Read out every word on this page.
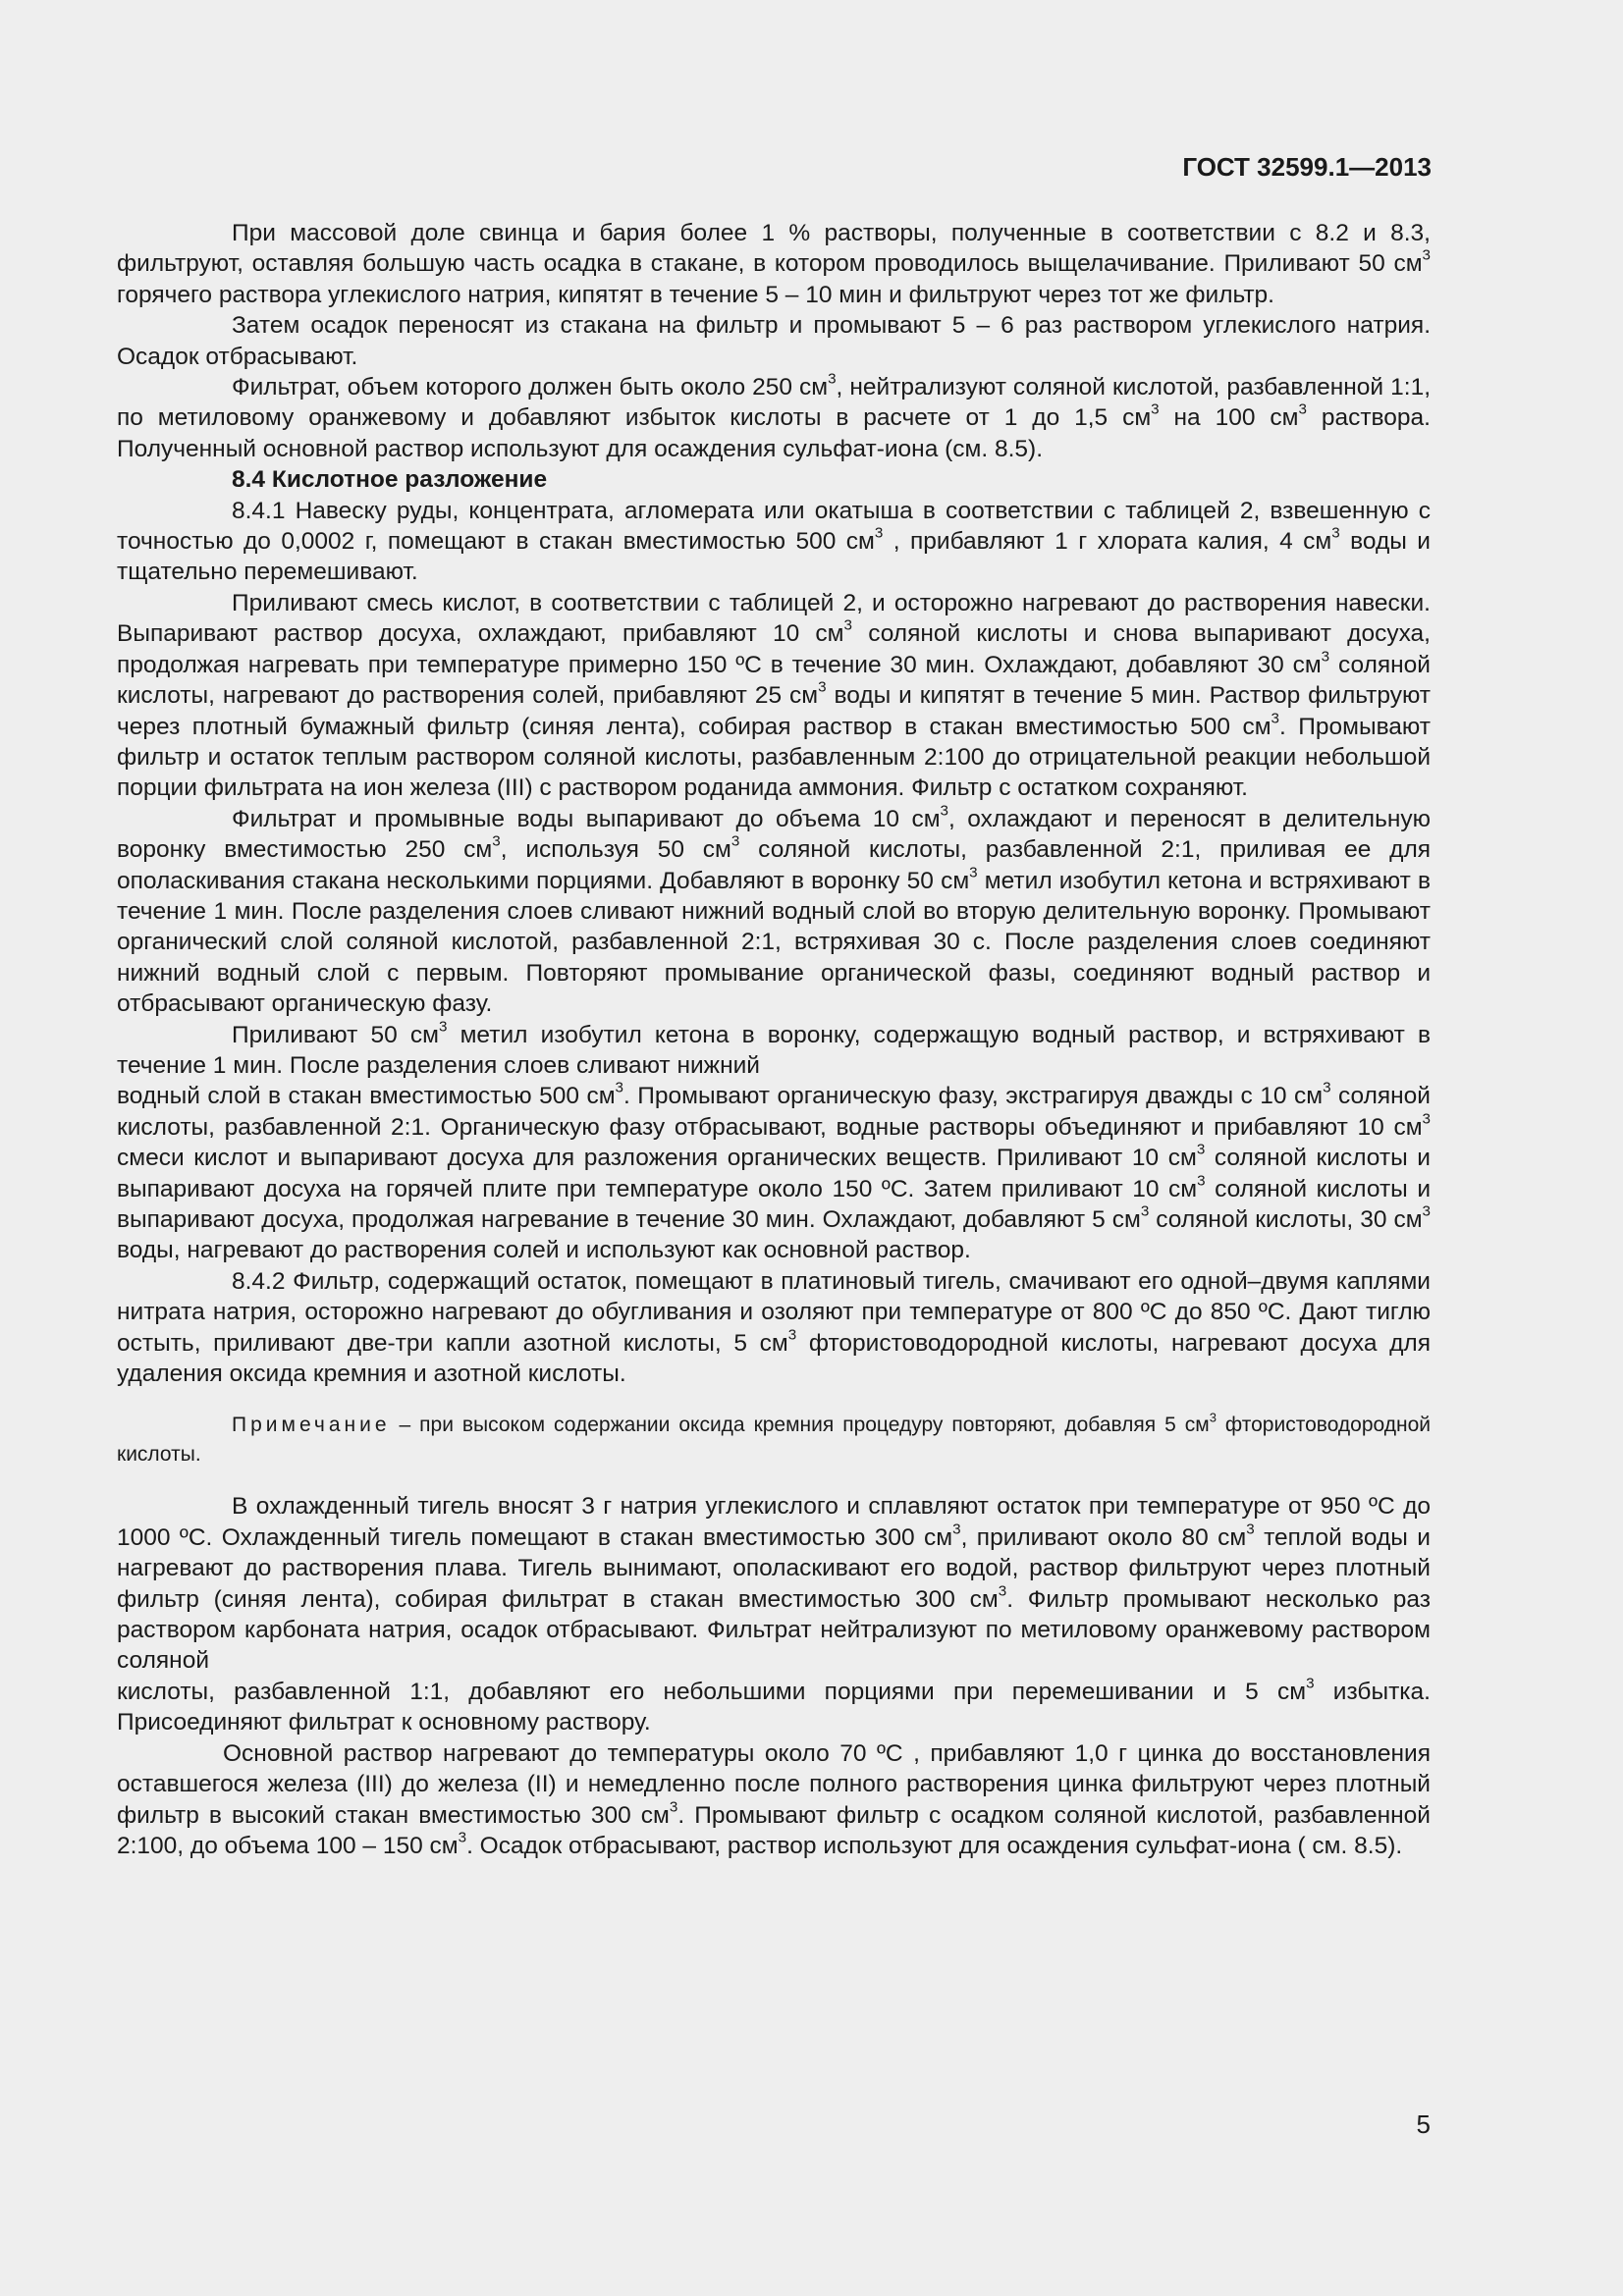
ГОСТ 32599.1—2013

При массовой доле свинца и бария более 1 % растворы, полученные в соответствии с 8.2 и 8.3, фильтруют, оставляя большую часть осадка в стакане, в котором проводилось выщелачивание. Приливают 50 $см^3$ горячего раствора углекислого натрия, кипятят в течение 5 – 10 мин и фильтруют через тот же фильтр.

Затем осадок переносят из стакана на фильтр и промывают 5 – 6 раз раствором углекислого натрия. Осадок отбрасывают.

Фильтрат, объем которого должен быть около 250 $см^3$, нейтрализуют соляной кислотой, разбавленной 1:1, по метиловому оранжевому и добавляют избыток кислоты в расчете от 1 до 1,5 $см^3$ на 100 $см^3$ раствора. Полученный основной раствор используют для осаждения сульфат-иона (см. 8.5).

8.4 Кислотное разложение

8.4.1 Навеску руды, концентрата, агломерата или окатыша в соответствии с таблицей 2, взвешенную с точностью до 0,0002 г, помещают в стакан вместимостью 500 $см^3$ , прибавляют 1 г хлората калия, 4 $см^3$ воды и тщательно перемешивают.

Приливают смесь кислот, в соответствии с таблицей 2, и осторожно нагревают до растворения навески. Выпаривают раствор досуха, охлаждают, прибавляют 10 $см^3$ соляной кислоты и снова выпаривают досуха, продолжая нагревать при температуре примерно 150 ºС в течение 30 мин. Охлаждают, добавляют 30 $см^3$ соляной кислоты, нагревают до растворения солей, прибавляют 25 $см^3$ воды и кипятят в течение 5 мин. Раствор фильтруют через плотный бумажный фильтр (синяя лента), собирая раствор в стакан вместимостью 500 $см^3$. Промывают фильтр и остаток теплым раствором соляной кислоты, разбавленным 2:100 до отрицательной реакции небольшой порции фильтрата на ион железа (III) с раствором роданида аммония. Фильтр с остатком сохраняют.

Фильтрат и промывные воды выпаривают до объема 10 $см^3$, охлаждают и переносят в делительную воронку вместимостью 250 $см^3$, используя 50 $см^3$ соляной кислоты, разбавленной 2:1, приливая ее для ополаскивания стакана несколькими порциями. Добавляют в воронку 50 $см^3$ метил изобутил кетона и встряхивают в течение 1 мин. После разделения слоев сливают нижний водный слой во вторую делительную воронку. Промывают органический слой соляной кислотой, разбавленной 2:1, встряхивая 30 с. После разделения слоев соединяют нижний водный слой с первым. Повторяют промывание органической фазы, соединяют водный раствор и отбрасывают органическую фазу.

Приливают 50 $см^3$ метил изобутил кетона в воронку, содержащую водный раствор, и встряхивают в течение 1 мин. После разделения слоев сливают нижний

водный слой в стакан вместимостью 500 $см^3$. Промывают органическую фазу, экстрагируя дважды с 10 $см^3$ соляной кислоты, разбавленной 2:1. Органическую фазу отбрасывают, водные растворы объединяют и прибавляют 10 $см^3$ смеси кислот и выпаривают досуха для разложения органических веществ. Приливают 10 $см^3$ соляной кислоты и выпаривают досуха на горячей плите при температуре около 150 ºС. Затем приливают 10 $см^3$ соляной кислоты и выпаривают досуха, продолжая нагревание в течение 30 мин. Охлаждают, добавляют 5 $см^3$ соляной кислоты, 30 $см^3$ воды, нагревают до растворения солей и используют как основной раствор.

8.4.2 Фильтр, содержащий остаток, помещают в платиновый тигель, смачивают его одной–двумя каплями нитрата натрия, осторожно нагревают до обугливания и озоляют при температуре от 800 ºС до 850 ºС. Дают тиглю остыть, приливают две-три капли азотной кислоты, 5 $см^3$ фтористоводородной кислоты, нагревают досуха для удаления оксида кремния и азотной кислоты.

Примечание – при высоком содержании оксида кремния процедуру повторяют, добавляя 5 $см^3$ фтористоводородной кислоты.

В охлажденный тигель вносят 3 г натрия углекислого и сплавляют остаток при температуре от 950 ºС до 1000 ºС. Охлажденный тигель помещают в стакан вместимостью 300 $см^3$, приливают около 80 $см^3$ теплой воды и нагревают до растворения плава. Тигель вынимают, ополаскивают его водой, раствор фильтруют через плотный фильтр (синяя лента), собирая фильтрат в стакан вместимостью 300 $см^3$. Фильтр промывают несколько раз раствором карбоната натрия, осадок отбрасывают. Фильтрат нейтрализуют по метиловому оранжевому раствором соляной

кислоты, разбавленной 1:1, добавляют его небольшими порциями при перемешивании и 5 $см^3$ избытка. Присоединяют фильтрат к основному раствору.

Основной раствор нагревают до температуры около 70 ºС , прибавляют 1,0 г цинка до восстановления оставшегося железа (III) до железа (II) и немедленно после полного растворения цинка фильтруют через плотный фильтр в высокий стакан вместимостью 300 $см^3$. Промывают фильтр с осадком соляной кислотой, разбавленной 2:100, до объема 100 – 150 $см^3$. Осадок отбрасывают, раствор используют для осаждения сульфат-иона ( см. 8.5).

5
